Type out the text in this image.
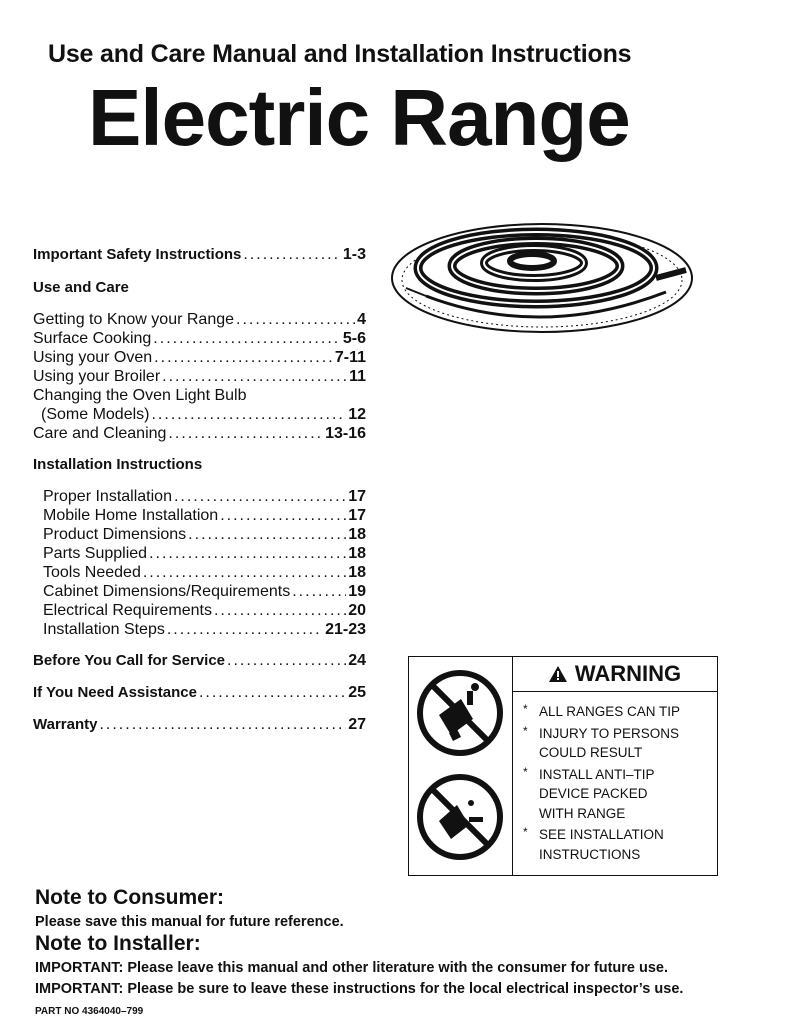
Use and Care Manual and Installation Instructions
Electric Range
Important Safety Instructions .....	1-3
Use and Care
Getting to Know your Range .....	4
Surface Cooking .....	5-6
Using your Oven .....	7-11
Using your Broiler .....	11
Changing the Oven Light Bulb
(Some Models) .....	12
Care and Cleaning .....	13-16
Installation Instructions
Proper Installation .....	17
Mobile Home Installation .....	17
Product Dimensions .....	18
Parts Supplied .....	18
Tools Needed .....	18
Cabinet Dimensions/Requirements .....	19
Electrical Requirements .....	20
Installation Steps .....	21-23
Before You Call for Service .....	24
If You Need Assistance .....	25
Warranty .....	27
WARNING
* ALL RANGES CAN TIP
* INJURY TO PERSONS COULD RESULT
* INSTALL ANTI–TIP DEVICE PACKED WITH RANGE
* SEE INSTALLATION INSTRUCTIONS
Note to Consumer:
Please save this manual for future reference.
Note to Installer:
IMPORTANT: Please leave this manual and other literature with the consumer for future use.
IMPORTANT: Please be sure to leave these instructions for the local electrical inspector’s use.
PART NO 4364040–799
